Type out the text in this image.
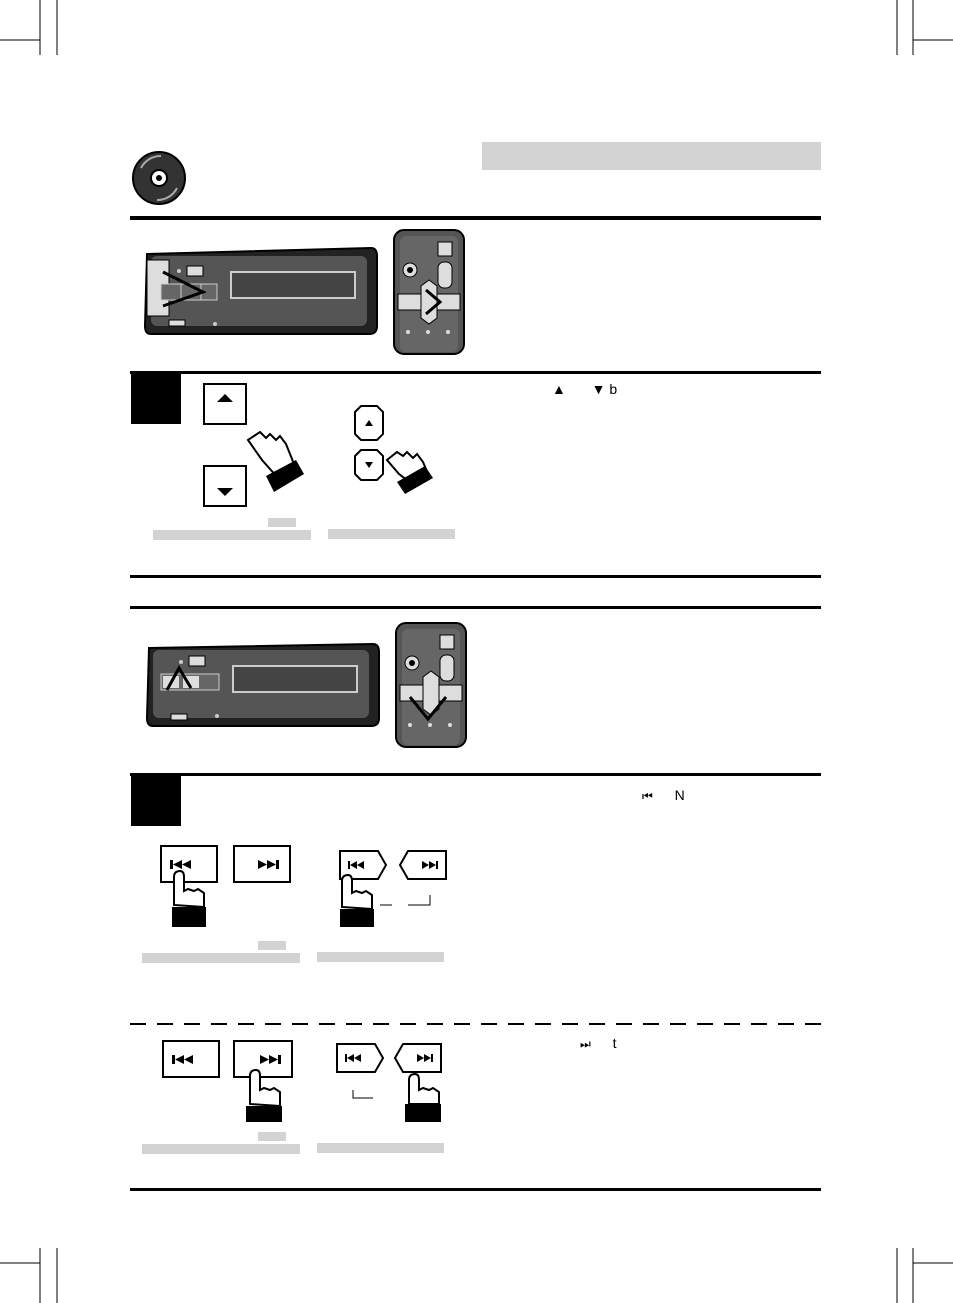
▲ ▼ b
⏮ N
⏭ t
